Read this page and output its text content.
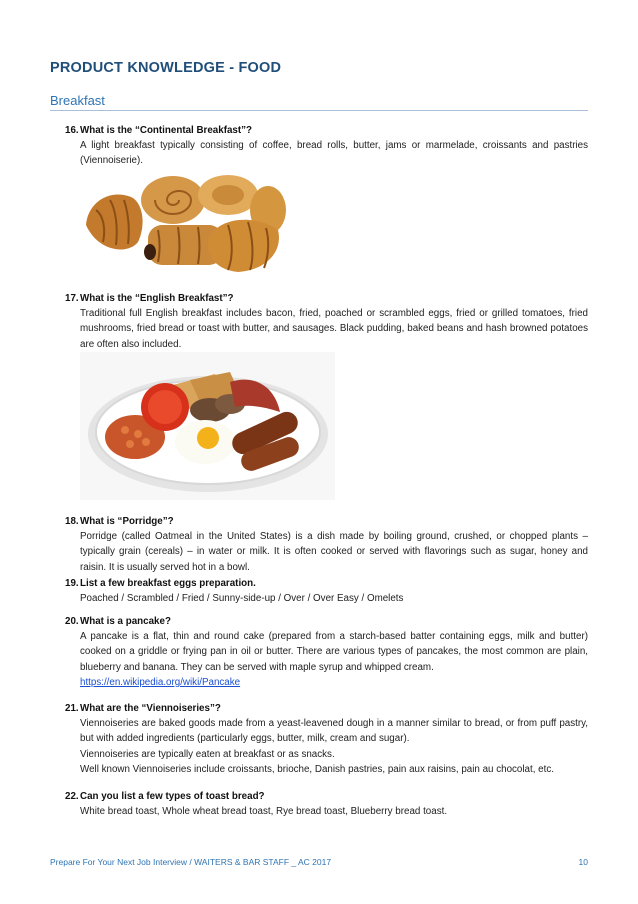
PRODUCT KNOWLEDGE - FOOD
Breakfast
16.What is the “Continental Breakfast”?
A light breakfast typically consisting of coffee, bread rolls, butter, jams or marmelade, croissants and pastries (Viennoiserie).
17.What is the “English Breakfast”?
Traditional full English breakfast includes bacon, fried, poached or scrambled eggs, fried or grilled tomatoes, fried mushrooms, fried bread or toast with butter, and sausages. Black pudding, baked beans and hash browned potatoes are often also included.
18.What is “Porridge”?
Porridge (called Oatmeal in the United States) is a dish made by boiling ground, crushed, or chopped plants – typically grain (cereals) – in water or milk. It is often cooked or served with flavorings such as sugar, honey and raisin. It is usually served hot in a bowl.
19.List a few breakfast eggs preparation.
Poached / Scrambled / Fried / Sunny-side-up / Over / Over Easy / Omelets
20.What is a pancake?
A pancake is a flat, thin and round cake (prepared from a starch-based batter containing eggs, milk and butter) cooked on a griddle or frying pan in oil or butter. There are various types of pancakes, the most common are plain, blueberry and banana. They can be served with maple syrup and whipped cream.
https://en.wikipedia.org/wiki/Pancake
21.What are the “Viennoiseries”?
Viennoiseries are baked goods made from a yeast-leavened dough in a manner similar to bread, or from puff pastry, but with added ingredients (particularly eggs, butter, milk, cream and sugar).
Viennoiseries are typically eaten at breakfast or as snacks.
Well known Viennoiseries include croissants, brioche, Danish pastries, pain aux raisins, pain au chocolat, etc.
22.Can you list a few types of toast bread?
White bread toast, Whole wheat bread toast, Rye bread toast, Blueberry bread toast.
Prepare For Your Next Job Interview / WAITERS & BAR STAFF _ AC 2017	10
